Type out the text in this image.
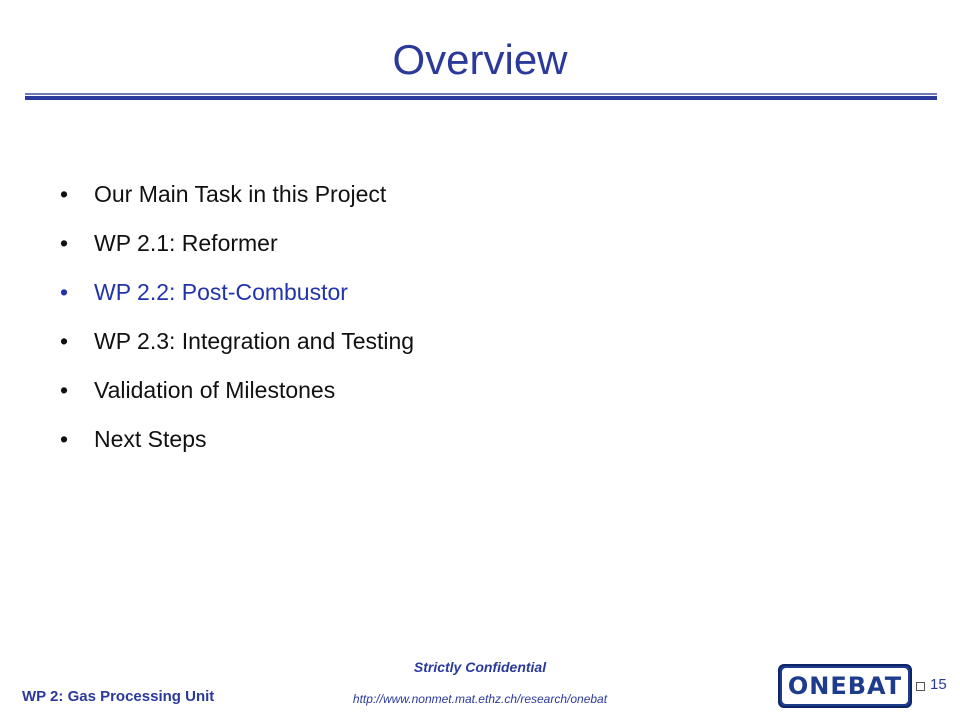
Overview
•	Our Main Task in this Project
•	WP 2.1: Reformer
•	WP 2.2: Post-Combustor
•	WP 2.3: Integration and Testing
•	Validation of Milestones
•	Next Steps
WP 2: Gas Processing Unit
Strictly Confidential
http://www.nonmet.mat.ethz.ch/research/onebat	ONEBAT	15
